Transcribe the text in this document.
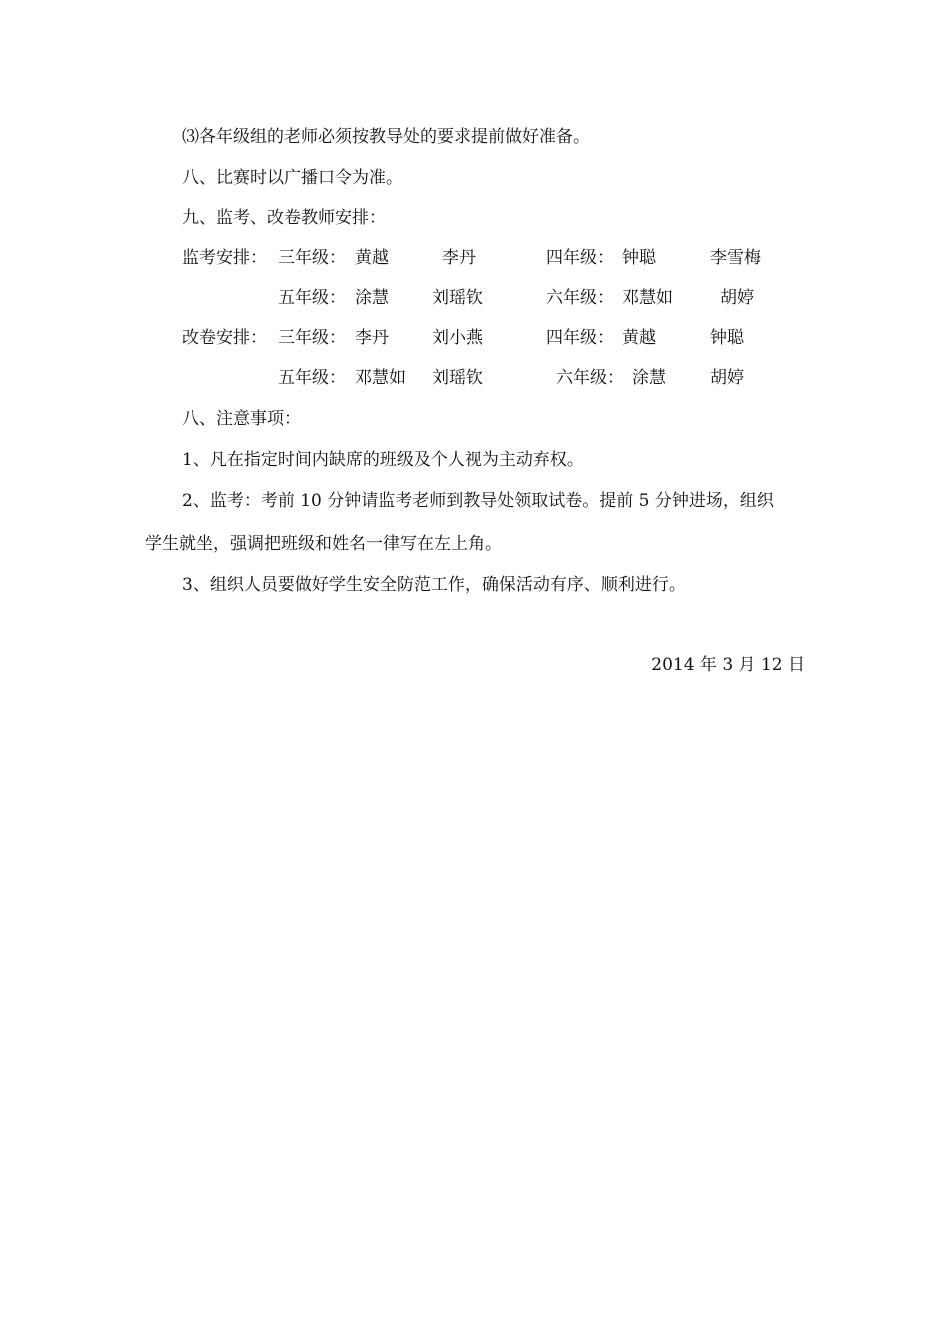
⑶各年级组的老师必须按教导处的要求提前做好准备。
八、比赛时以广播口令为准。
九、监考、改卷教师安排：
监考安排： 三年级： 黄越	李丹	四年级： 钟聪	李雪梅
五年级： 涂慧	刘瑶钦	六年级： 邓慧如	胡婷
改卷安排： 三年级： 李丹	刘小燕	四年级： 黄越	钟聪
五年级： 邓慧如 刘瑶钦	六年级： 涂慧	胡婷
八、注意事项：
1、凡在指定时间内缺席的班级及个人视为主动弃权。
2、监考：考前 10 分钟请监考老师到教导处领取试卷。提前 5 分钟进场，组织
学生就坐，强调把班级和姓名一律写在左上角。
3、组织人员要做好学生安全防范工作，确保活动有序、顺利进行。
2014 年 3 月 12 日
